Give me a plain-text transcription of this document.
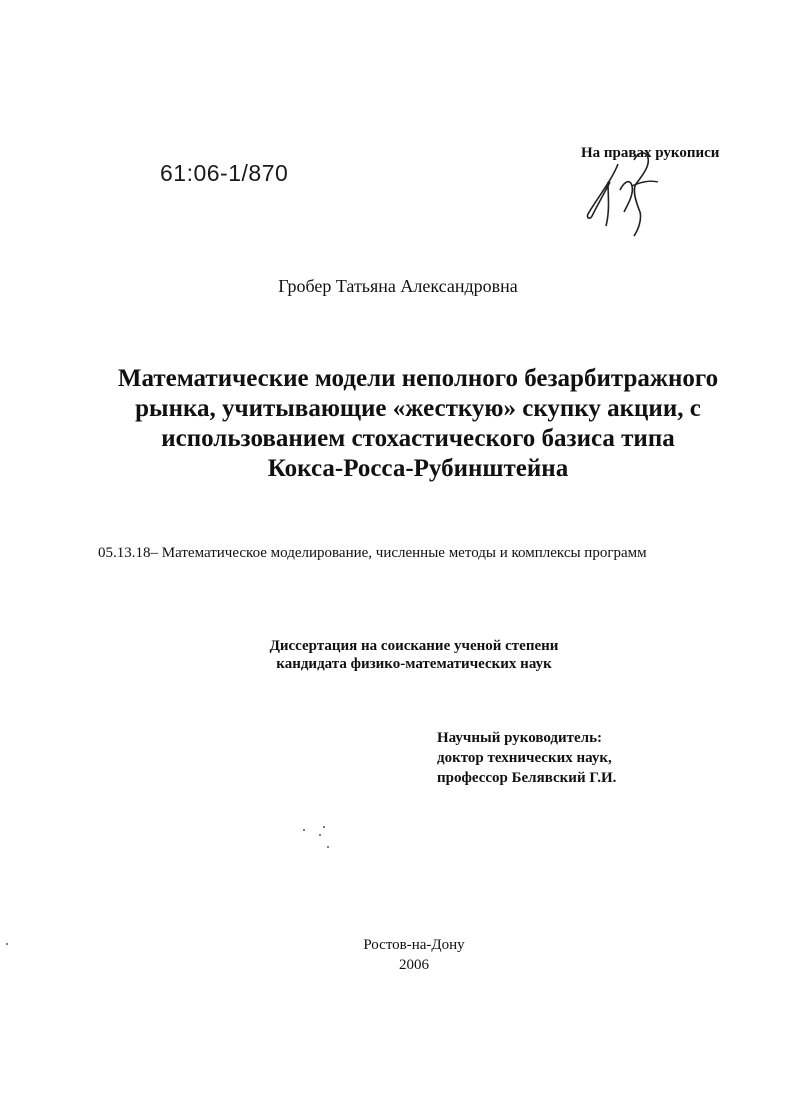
61:06-1/870
На правах рукописи
Гробер Татьяна Александровна
Математические модели неполного безарбитражного
рынка, учитывающие «жесткую» скупку акции, с
использованием стохастического базиса типа
Кокса-Росса-Рубинштейна
05.13.18– Математическое моделирование, численные методы и комплексы программ
Диссертация на соискание ученой степени
кандидата физико-математических наук
Научный руководитель:
доктор технических наук,
профессор Белявский Г.И.
Ростов-на-Дону
2006
